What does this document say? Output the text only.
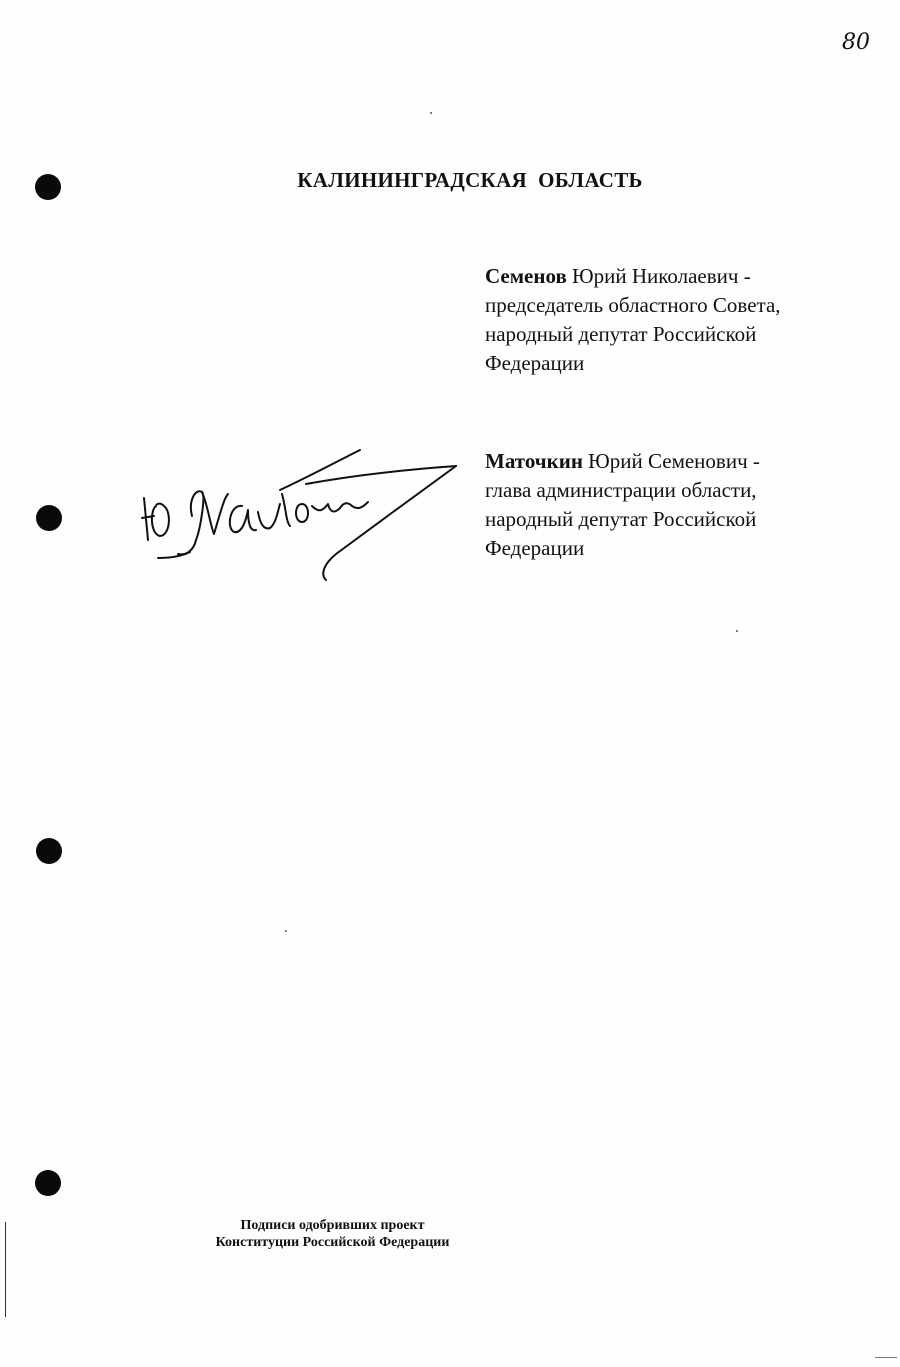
80
КАЛИНИНГРАДСКАЯ  ОБЛАСТЬ
Семенов Юрий Николаевич -
председатель областного Совета,
народный депутат Российской
Федерации
Маточкин Юрий Семенович -
глава администрации области,
народный депутат Российской
Федерации
Подписи одобривших проект
Конституции Российской Федерации
